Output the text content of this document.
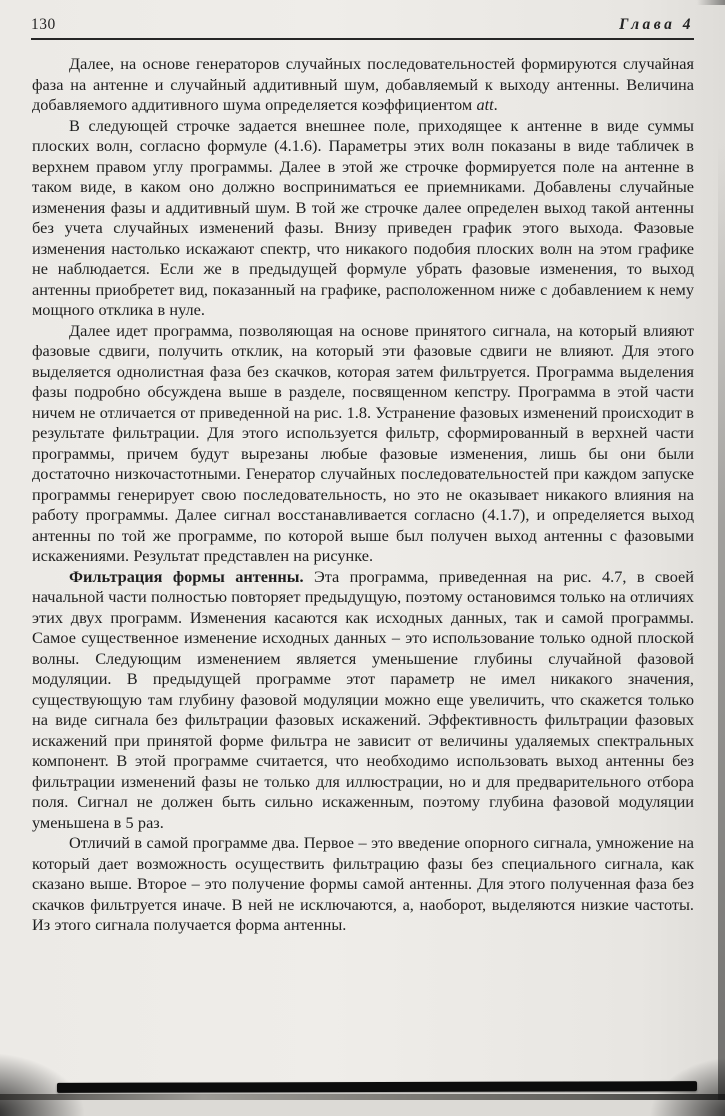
130	Глава 4

Далее, на основе генераторов случайных последовательностей формируются случайная фаза на антенне и случайный аддитивный шум, добавляемый к выходу антенны. Величина добавляемого аддитивного шума определяется коэффициентом att.

В следующей строчке задается внешнее поле, приходящее к антенне в виде суммы плоских волн, согласно формуле (4.1.6). Параметры этих волн показаны в виде табличек в верхнем правом углу программы. Далее в этой же строчке формируется поле на антенне в таком виде, в каком оно должно восприниматься ее приемниками. Добавлены случайные изменения фазы и аддитивный шум. В той же строчке далее определен выход такой антенны без учета случайных изменений фазы. Внизу приведен график этого выхода. Фазовые изменения настолько искажают спектр, что никакого подобия плоских волн на этом графике не наблюдается. Если же в предыдущей формуле убрать фазовые изменения, то выход антенны приобретет вид, показанный на графике, расположенном ниже с добавлением к нему мощного отклика в нуле.

Далее идет программа, позволяющая на основе принятого сигнала, на который влияют фазовые сдвиги, получить отклик, на который эти фазовые сдвиги не влияют. Для этого выделяется однолистная фаза без скачков, которая затем фильтруется. Программа выделения фазы подробно обсуждена выше в разделе, посвященном кепстру. Программа в этой части ничем не отличается от приведенной на рис. 1.8. Устранение фазовых изменений происходит в результате фильтрации. Для этого используется фильтр, сформированный в верхней части программы, причем будут вырезаны любые фазовые изменения, лишь бы они были достаточно низкочастотными. Генератор случайных последовательностей при каждом запуске программы генерирует свою последовательность, но это не оказывает никакого влияния на работу программы. Далее сигнал восстанавливается согласно (4.1.7), и определяется выход антенны по той же программе, по которой выше был получен выход антенны с фазовыми искажениями. Результат представлен на рисунке.

Фильтрация формы антенны. Эта программа, приведенная на рис. 4.7, в своей начальной части полностью повторяет предыдущую, поэтому остановимся только на отличиях этих двух программ. Изменения касаются как исходных данных, так и самой программы. Самое существенное изменение исходных данных – это использование только одной плоской волны. Следующим изменением является уменьшение глубины случайной фазовой модуляции. В предыдущей программе этот параметр не имел никакого значения, существующую там глубину фазовой модуляции можно еще увеличить, что скажется только на виде сигнала без фильтрации фазовых искажений. Эффективность фильтрации фазовых искажений при принятой форме фильтра не зависит от величины удаляемых спектральных компонент. В этой программе считается, что необходимо использовать выход антенны без фильтрации изменений фазы не только для иллюстрации, но и для предварительного отбора поля. Сигнал не должен быть сильно искаженным, поэтому глубина фазовой модуляции уменьшена в 5 раз.

Отличий в самой программе два. Первое – это введение опорного сигнала, умножение на который дает возможность осуществить фильтрацию фазы без специального сигнала, как сказано выше. Второе – это получение формы самой антенны. Для этого полученная фаза без скачков фильтруется иначе. В ней не исключаются, а, наоборот, выделяются низкие частоты. Из этого сигнала получается форма антенны.
